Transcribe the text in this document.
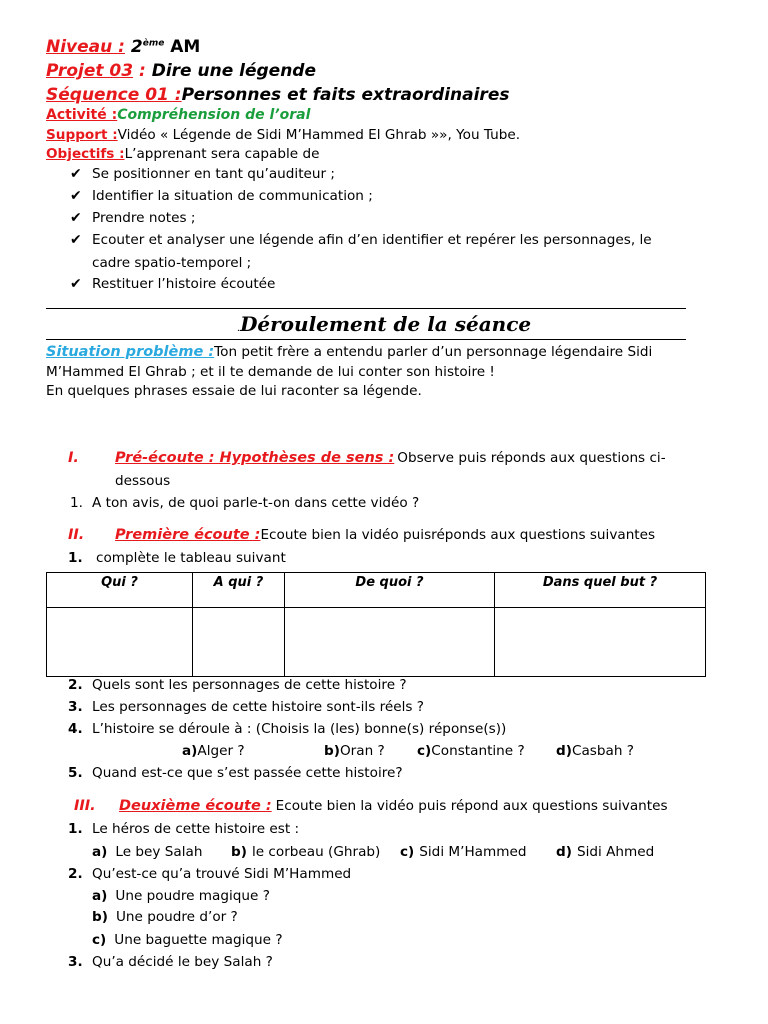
Niveau : 2ème AM
Projet 03 : Dire une légende
Séquence 01 :Personnes et faits extraordinaires
Activité :Compréhension de l’oral
Support :Vidéo « Légende de Sidi M’Hammed El Ghrab »», You Tube.
Objectifs :L’apprenant sera capable de
✔ Se positionner en tant qu’auditeur ;
✔ Identifier la situation de communication ;
✔ Prendre notes ;
✔ Ecouter et analyser une légende afin d’en identifier et repérer les personnages, le
cadre spatio-temporel ;
✔ Restituer l’histoire écoutée
.Déroulement de la séance
Situation problème :Ton petit frère a entendu parler d’un personnage légendaire Sidi
M’Hammed El Ghrab ; et il te demande de lui conter son histoire !
En quelques phrases essaie de lui raconter sa légende.
I. Pré-écoute : Hypothèses de sens : Observe puis réponds aux questions ci-
dessous
1. A ton avis, de quoi parle-t-on dans cette vidéo ?
II. Première écoute :Ecoute bien la vidéo puisréponds aux questions suivantes
1. complète le tableau suivant
Qui ?	A qui ?	De quoi ?	Dans quel but ?

2. Quels sont les personnages de cette histoire ?
3. Les personnages de cette histoire sont-ils réels ?
4. L’histoire se déroule à : (Choisis la (les) bonne(s) réponse(s))
a)Alger ?	b)Oran ? c)Constantine ? d)Casbah ?
5. Quand est-ce que s’est passée cette histoire?
III. Deuxième écoute : Ecoute bien la vidéo puis répond aux questions suivantes
1. Le héros de cette histoire est :
a) Le bey Salah b) le corbeau (Ghrab) c) Sidi M’Hammed d) Sidi Ahmed
2. Qu’est-ce qu’a trouvé Sidi M’Hammed
a) Une poudre magique ?
b) Une poudre d’or ?
c) Une baguette magique ?
3. Qu’a décidé le bey Salah ?
